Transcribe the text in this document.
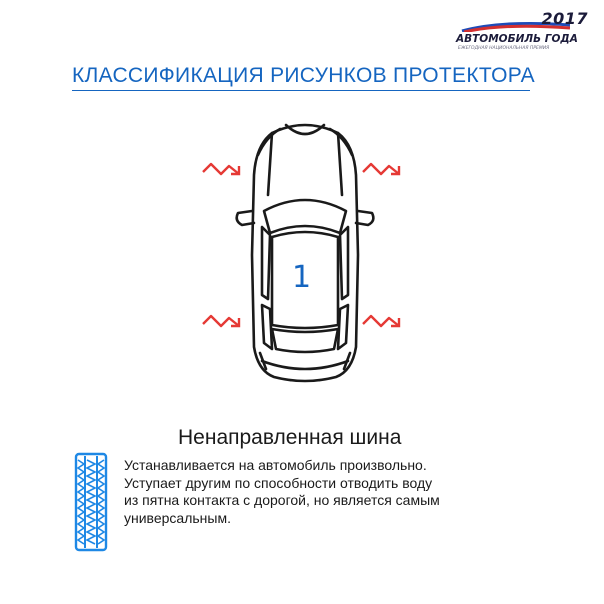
2017
АВТОМОБИЛЬ ГОДА
ЕЖЕГОДНАЯ НАЦИОНАЛЬНАЯ ПРЕМИЯ
КЛАССИФИКАЦИЯ РИСУНКОВ ПРОТЕКТОРА
1
Ненаправленная шина
Устанавливается на автомобиль произвольно.
Уступает другим по способности отводить воду
из пятна контакта с дорогой, но является самым
универсальным.
